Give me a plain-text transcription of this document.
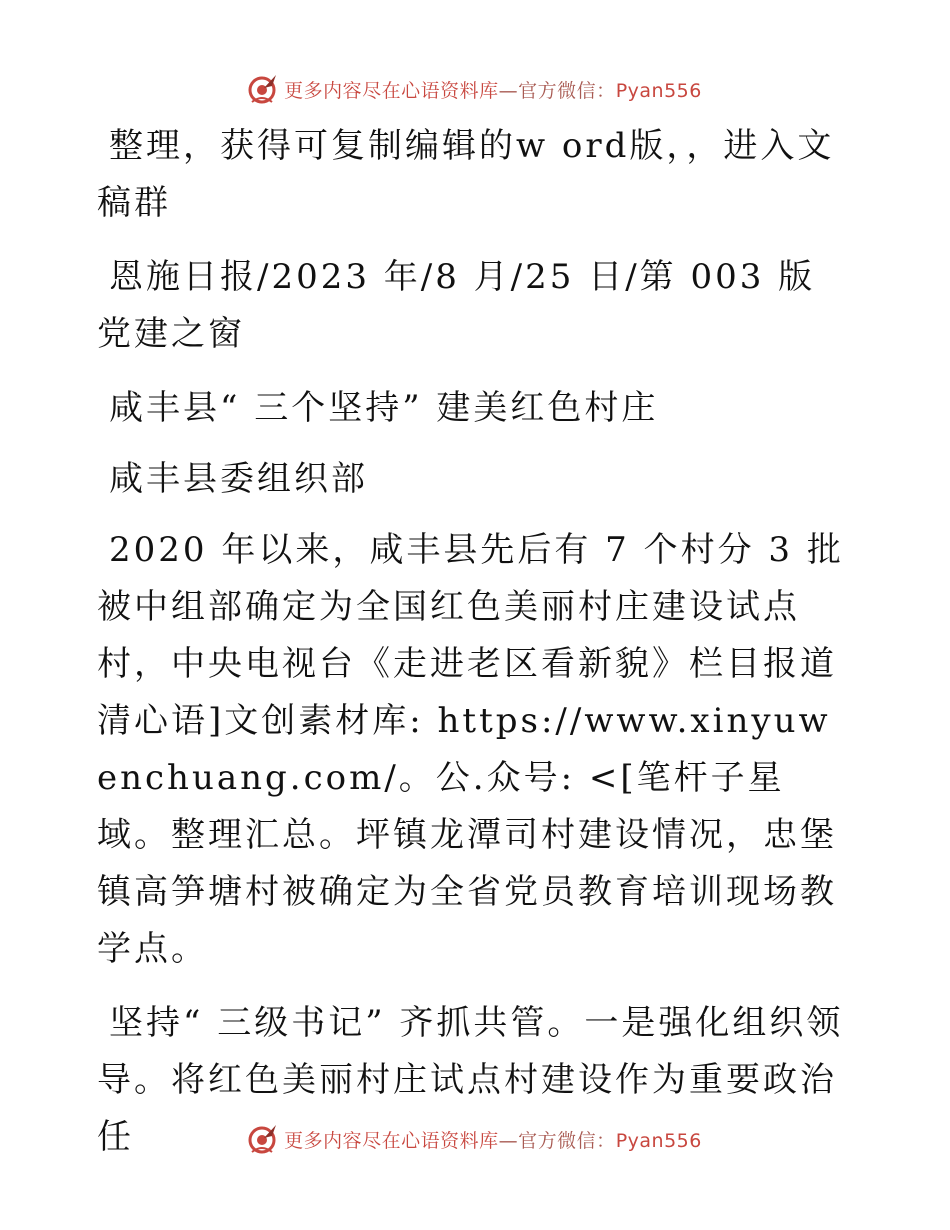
更多内容尽在心语资料库—官方微信：Pyan556

整理，获得可复制编辑的w ord版，，进入文稿群

恩施日报/2023 年/8 月/25 日/第 003 版党建之窗

咸丰县“ 三个坚持” 建美红色村庄

咸丰县委组织部

2020 年以来，咸丰县先后有 7 个村分 3 批被中组部确定为全国红色美丽村庄建设试点村，中央电视台《走进老区看新貌》栏目报道清心语]文创素材库: https://www.xinyuwenchuang.com/。公.众号: <[笔杆子星域。整理汇总。坪镇龙潭司村建设情况，忠堡镇高笋塘村被确定为全省党员教育培训现场教学点。

坚持“ 三级书记” 齐抓共管。一是强化组织领导。将红色美丽村庄试点村建设作为重要政治任	更多内容尽在心语资料库—官方微信：Pyan556
